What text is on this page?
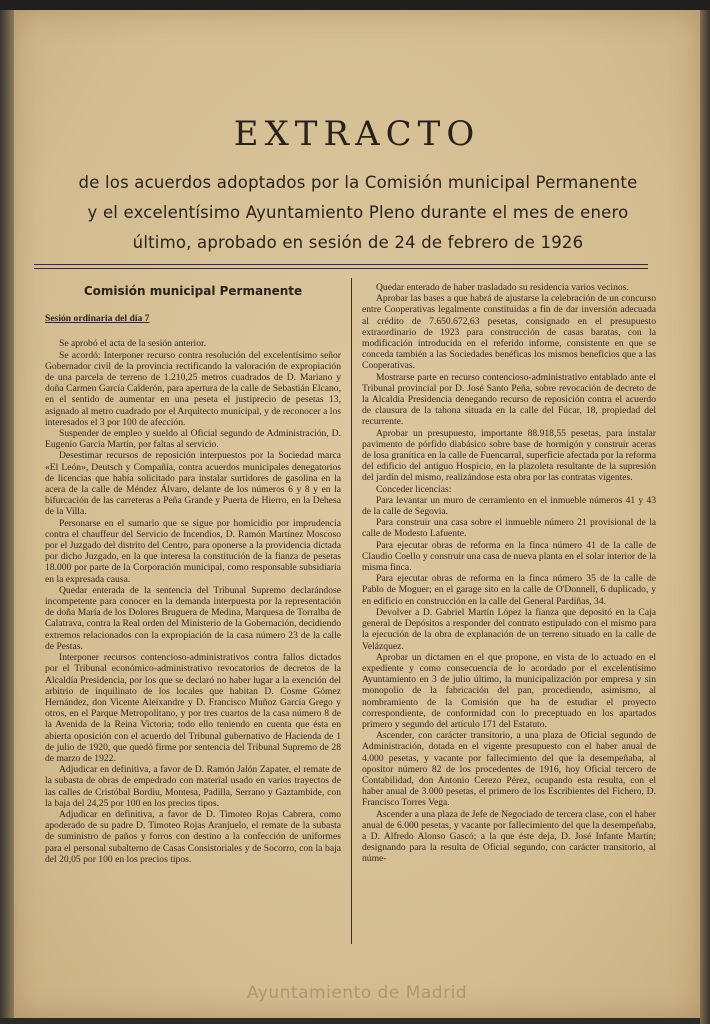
EXTRACTO
de los acuerdos adoptados por la Comisión municipal Permanente
y el excelentísimo Ayuntamiento Pleno durante el mes de enero
último, aprobado en sesión de 24 de febrero de 1926
Comisión municipal Permanente
Sesión ordinaria del día 7

Se aprobó el acta de la sesión anterior.

Se acordó: Interponer recurso contra resolución del excelentísimo señor Gobernador civil de la provincia rectificando la valoración de expropiación de una parcela de terreno de 1.210,25 metros cuadrados de D. Mariano y doña Carmen García Calderón, para apertura de la calle de Sebastián Elcano, en el sentido de aumentar en una peseta el justiprecio de pesetas 13, asignado al metro cuadrado por el Arquitecto municipal, y de reconocer a los interesados el 3 por 100 de afección.

Suspender de empleo y sueldo al Oficial segundo de Administración, D. Eugenio García Martín, por faltas al servicio.

Desestimar recursos de reposición interpuestos por la Sociedad marca «El León», Deutsch y Compañía, contra acuerdos municipales denegatorios de licencias que había solicitado para instalar surtidores de gasolina en la acera de la calle de Méndez Álvaro, delante de los números 6 y 8 y en la bifurcación de las carreteras a Peña Grande y Puerta de Hierro, en la Dehesa de la Villa.

Personarse en el sumario que se sigue por homicidio por imprudencia contra el chauffeur del Servicio de Incendios, D. Ramón Martínez Moscoso por el Juzgado del distrito del Centro, para oponerse a la providencia dictada por dicho Juzgado, en la que interesa la constitución de la fianza de pesetas 18.000 por parte de la Corporación municipal, como responsable subsidiaria en la expresada causa.

Quedar enterada de la sentencia del Tribunal Supremo declarándose incompetente para conocer en la demanda interpuesta por la representación de doña María de los Dolores Bruguera de Medina, Marquesa de Torralba de Calatrava, contra la Real orden del Ministerio de la Gobernación, decidiendo extremos relacionados con la expropiación de la casa número 23 de la calle de Pestas.

Interponer recursos contencioso-administrativos contra fallos dictados por el Tribunal económico-administrativo revocatorios de decretos de la Alcaldía Presidencia, por los que se declaró no haber lugar a la exención del arbitrio de inquilinato de los locales que habitan D. Cosme Gómez Hernández, don Vicente Aleixandre y D. Francisco Muñoz García Grego y otros, en el Parque Metropolitano, y por tres cuartos de la casa número 8 de la Avenida de la Reina Victoria; todo ello teniendo en cuenta que ésta en abierta oposición con el acuerdo del Tribunal gubernativo de Hacienda de 1 de julio de 1920, que quedó firme por sentencia del Tribunal Supremo de 28 de marzo de 1922.

Adjudicar en definitiva, a favor de D. Ramón Jalón Zapater, el remate de la subasta de obras de empedrado con material usado en varios trayectos de las calles de Cristóbal Bordiu, Montesa, Padilla, Serrano y Gaztambide, con la baja del 24,25 por 100 en los precios tipos.

Adjudicar en definitiva, a favor de D. Timoteo Rojas Cabrera, como apoderado de su padre D. Timoteo Rojas Aranjuelo, el remate de la subasta de suministro de paños y forros con destino a la confección de uniformes para el personal subalterno de Casas Consistoriales y de Socorro, con la baja del 20,05 por 100 en los precios tipos.

Quedar enterado de haber trasladado su residencia varios vecinos.

Aprobar las bases a que habrá de ajustarse la celebración de un concurso entre Cooperativas legalmente constituidas a fin de dar inversión adecuada al crédito de 7.650.672,63 pesetas, consignado en el presupuesto extraordinario de 1923 para construcción de casas baratas, con la modificación introducida en el referido informe, consistente en que se conceda también a las Sociedades benéficas los mismos beneficios que a las Cooperativas.

Mostrarse parte en recurso contencioso-administrativo entablado ante el Tribunal provincial por D. José Santo Peña, sobre revocación de decreto de la Alcaldía Presidencia denegando recurso de reposición contra el acuerdo de clausura de la tahona situada en la calle del Fúcar, 18, propiedad del recurrente.

Aprobar un presupuesto, importante 88.918,55 pesetas, para instalar pavimento de pórfido diabásico sobre base de hormigón y construir aceras de losa granítica en la calle de Fuencarral, superficie afectada por la reforma del edificio del antiguo Hospicio, en la plazoleta resultante de la supresión del jardín del mismo, realizándose esta obra por las contratas vigentes.

Conceder licencias:

Para levantar un muro de cerramiento en el inmueble números 41 y 43 de la calle de Segovia.

Para construir una casa sobre el inmueble número 21 provisional de la calle de Modesto Lafuente.

Para ejecutar obras de reforma en la finca número 41 de la calle de Claudio Coello y construir una casa de nueva planta en el solar interior de la misma finca.

Para ejecutar obras de reforma en la finca número 35 de la calle de Pablo de Moguer; en el garage sito en la calle de O'Donnell, 6 duplicado, y en edificio en construcción en la calle del General Pardiñas, 34.

Devolver a D. Gabriel Martín López la fianza que depositó en la Caja general de Depósitos a responder del contrato estipulado con el mismo para la ejecución de la obra de explanación de un terreno situado en la calle de Velázquez.

Aprobar un dictamen en el que propone, en vista de lo actuado en el expediente y como consecuencia de lo acordado por el excelentísimo Ayuntamiento en 3 de julio último, la municipalización por empresa y sin monopolio de la fabricación del pan, procediendo, asimismo, al nombramiento de la Comisión que ha de estudiar el proyecto correspondiente, de conformidad con lo preceptuado en los apartados primero y segundo del artículo 171 del Estatuto.

Ascender, con carácter transitorio, a una plaza de Oficial segundo de Administración, dotada en el vigente presupuesto con el haber anual de 4.000 pesetas, y vacante por fallecimiento del que la desempeñaba, al opositor número 82 de los procedentes de 1916, hoy Oficial tercero de Contabilidad, don Antonio Cerezo Pérez, ocupando esta resulta, con el haber anual de 3.000 pesetas, el primero de los Escribientes del Fichero, D. Francisco Torres Vega.

Ascender a una plaza de Jefe de Negociado de tercera clase, con el haber anual de 6.000 pesetas, y vacante por fallecimiento del que la desempeñaba, a D. Alfredo Alonso Gascó; a la que éste deja, D. José Infante Martín; designando para la resulta de Oficial segundo, con carácter transitorio, al núme-

Ayuntamiento de Madrid
